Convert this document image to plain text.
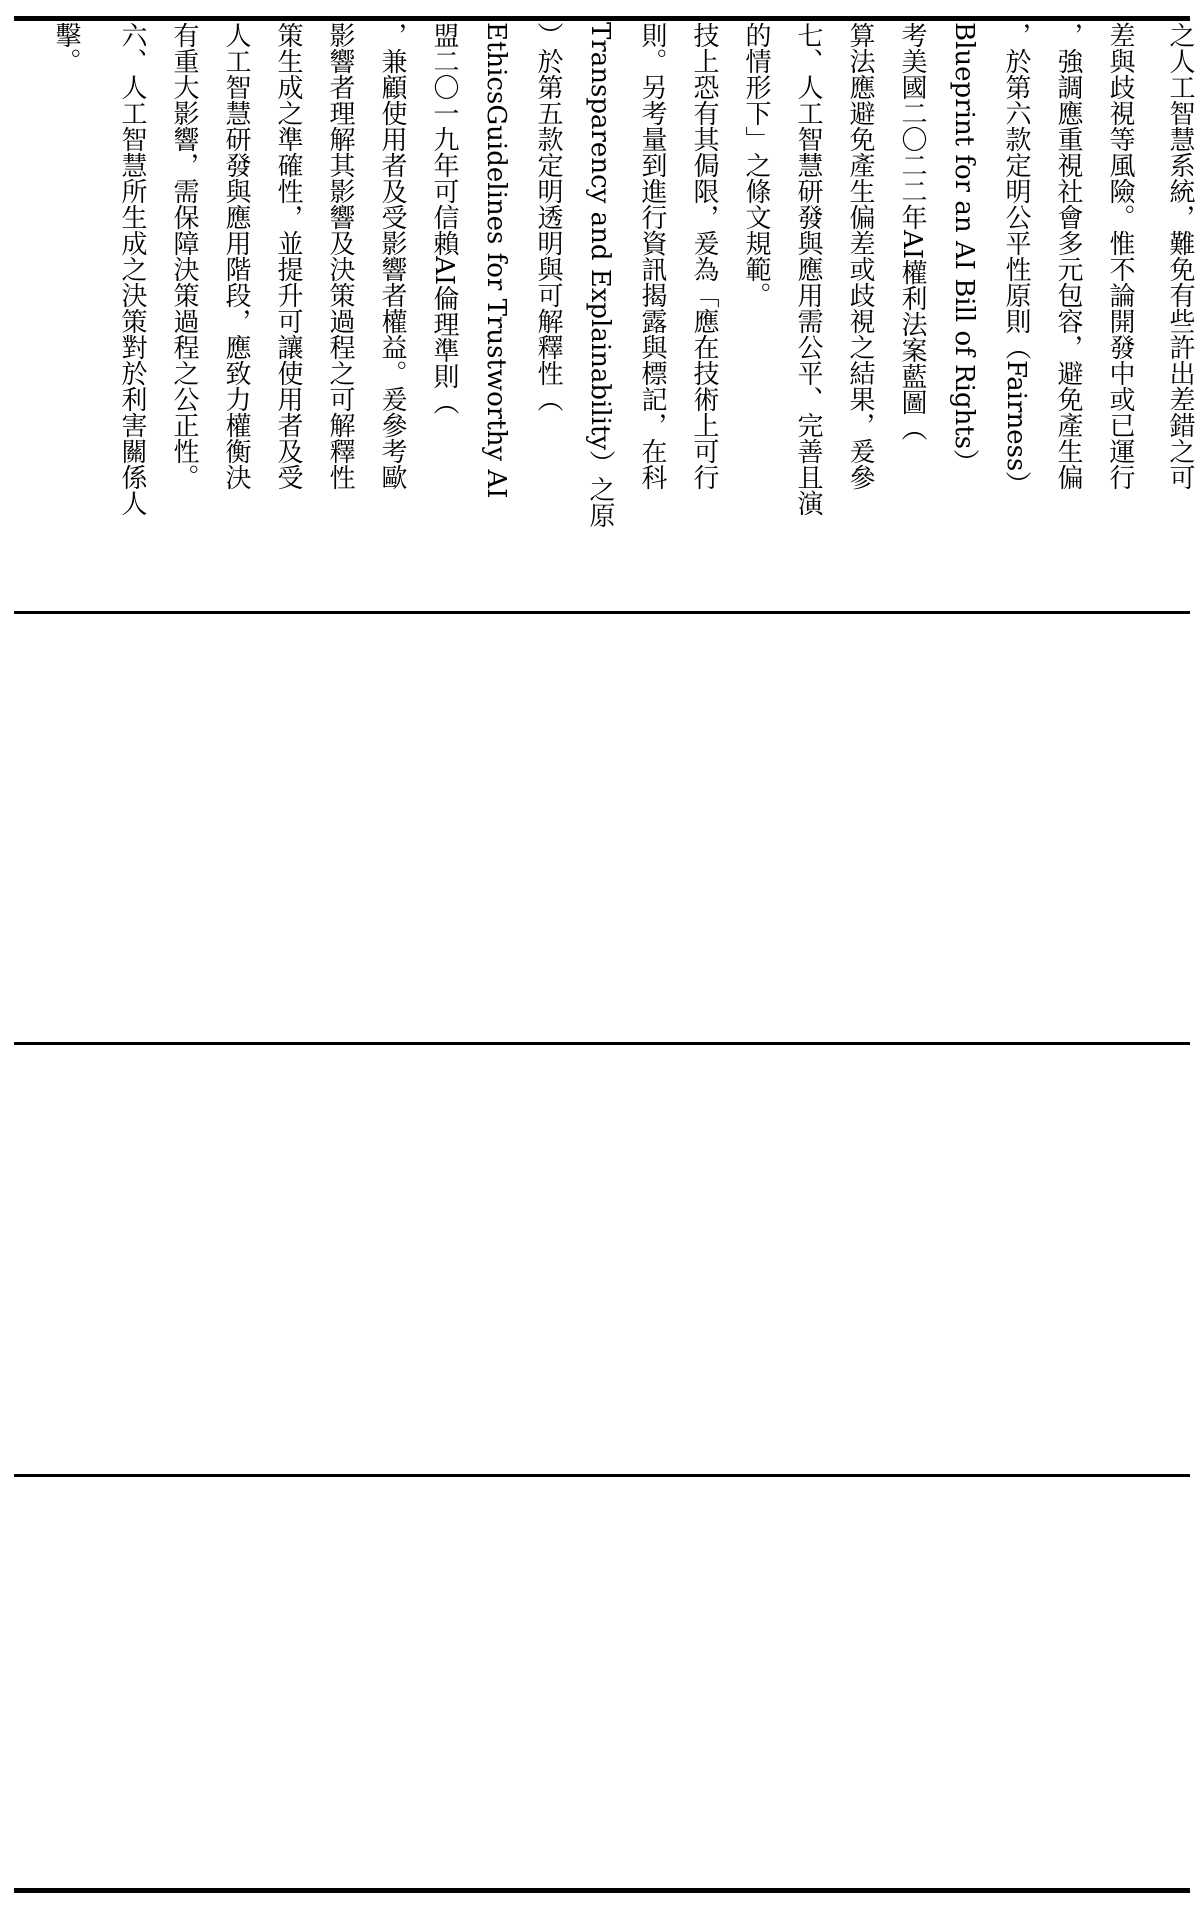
之人工智慧系統，難免有些許出差錯之可
差與歧視等風險。惟不論開發中或已運行
，強調應重視社會多元包容，避免產生偏
，於第六款定明公平性原則（Fairness）
Blueprint for an AI Bill of Rights）
考美國二〇二二年AI權利法案藍圖（
算法應避免產生偏差或歧視之結果，爰參
七、人工智慧研發與應用需公平、完善且演
的情形下」之條文規範。
技上恐有其侷限，爰為「應在技術上可行
則。另考量到進行資訊揭露與標記，在科
Transparency and Explainability）之原
）於第五款定明透明與可解釋性（
EthicsGuidelines for Trustworthy AI
盟二〇一九年可信賴AI倫理準則（
，兼顧使用者及受影響者權益。爰參考歐
影響者理解其影響及決策過程之可解釋性
策生成之準確性，並提升可讓使用者及受
人工智慧研發與應用階段，應致力權衡決
有重大影響，需保障決策過程之公正性。
六、人工智慧所生成之決策對於利害關係人
擊。
